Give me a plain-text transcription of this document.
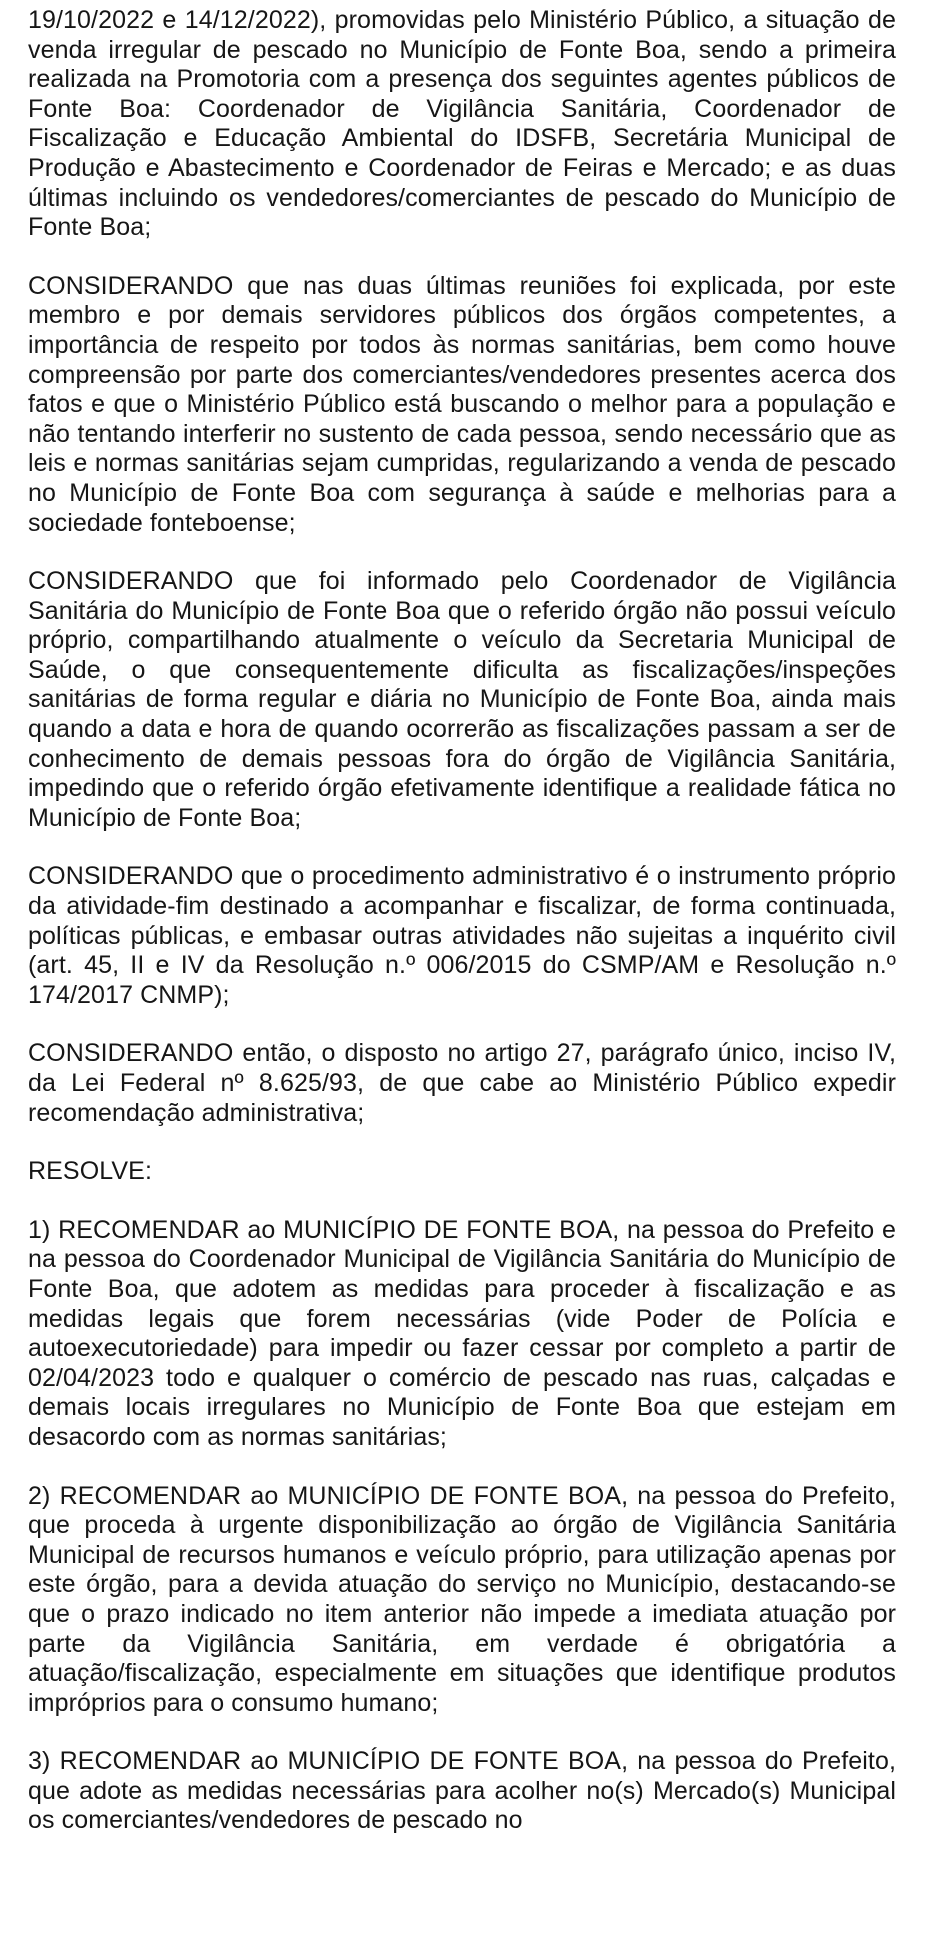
19/10/2022 e 14/12/2022), promovidas pelo Ministério Público, a situação de venda irregular de pescado no Município de Fonte Boa, sendo a primeira realizada na Promotoria com a presença dos seguintes agentes públicos de Fonte Boa: Coordenador de Vigilância Sanitária, Coordenador de Fiscalização e Educação Ambiental do IDSFB, Secretária Municipal de Produção e Abastecimento e Coordenador de Feiras e Mercado; e as duas últimas incluindo os vendedores/comerciantes de pescado do Município de Fonte Boa;

CONSIDERANDO que nas duas últimas reuniões foi explicada, por este membro e por demais servidores públicos dos órgãos competentes, a importância de respeito por todos às normas sanitárias, bem como houve compreensão por parte dos comerciantes/vendedores presentes acerca dos fatos e que o Ministério Público está buscando o melhor para a população e não tentando interferir no sustento de cada pessoa, sendo necessário que as leis e normas sanitárias sejam cumpridas, regularizando a venda de pescado no Município de Fonte Boa com segurança à saúde e melhorias para a sociedade fonteboense;

CONSIDERANDO que foi informado pelo Coordenador de Vigilância Sanitária do Município de Fonte Boa que o referido órgão não possui veículo próprio, compartilhando atualmente o veículo da Secretaria Municipal de Saúde, o que consequentemente dificulta as fiscalizações/inspeções sanitárias de forma regular e diária no Município de Fonte Boa, ainda mais quando a data e hora de quando ocorrerão as fiscalizações passam a ser de conhecimento de demais pessoas fora do órgão de Vigilância Sanitária, impedindo que o referido órgão efetivamente identifique a realidade fática no Município de Fonte Boa;

CONSIDERANDO que o procedimento administrativo é o instrumento próprio da atividade-fim destinado a acompanhar e fiscalizar, de forma continuada, políticas públicas, e embasar outras atividades não sujeitas a inquérito civil (art. 45, II e IV da Resolução n.º 006/2015 do CSMP/AM e Resolução n.º 174/2017 CNMP);

CONSIDERANDO então, o disposto no artigo 27, parágrafo único, inciso IV, da Lei Federal nº 8.625/93, de que cabe ao Ministério Público expedir recomendação administrativa;

RESOLVE:

1) RECOMENDAR ao MUNICÍPIO DE FONTE BOA, na pessoa do Prefeito e na pessoa do Coordenador Municipal de Vigilância Sanitária do Município de Fonte Boa, que adotem as medidas para proceder à fiscalização e as medidas legais que forem necessárias (vide Poder de Polícia e autoexecutoriedade) para impedir ou fazer cessar por completo a partir de 02/04/2023 todo e qualquer o comércio de pescado nas ruas, calçadas e demais locais irregulares no Município de Fonte Boa que estejam em desacordo com as normas sanitárias;

2) RECOMENDAR ao MUNICÍPIO DE FONTE BOA, na pessoa do Prefeito, que proceda à urgente disponibilização ao órgão de Vigilância Sanitária Municipal de recursos humanos e veículo próprio, para utilização apenas por este órgão, para a devida atuação do serviço no Município, destacando-se que o prazo indicado no item anterior não impede a imediata atuação por parte da Vigilância Sanitária, em verdade é obrigatória a atuação/fiscalização, especialmente em situações que identifique produtos impróprios para o consumo humano;

3) RECOMENDAR ao MUNICÍPIO DE FONTE BOA, na pessoa do Prefeito, que adote as medidas necessárias para acolher no(s) Mercado(s) Municipal os comerciantes/vendedores de pescado no
